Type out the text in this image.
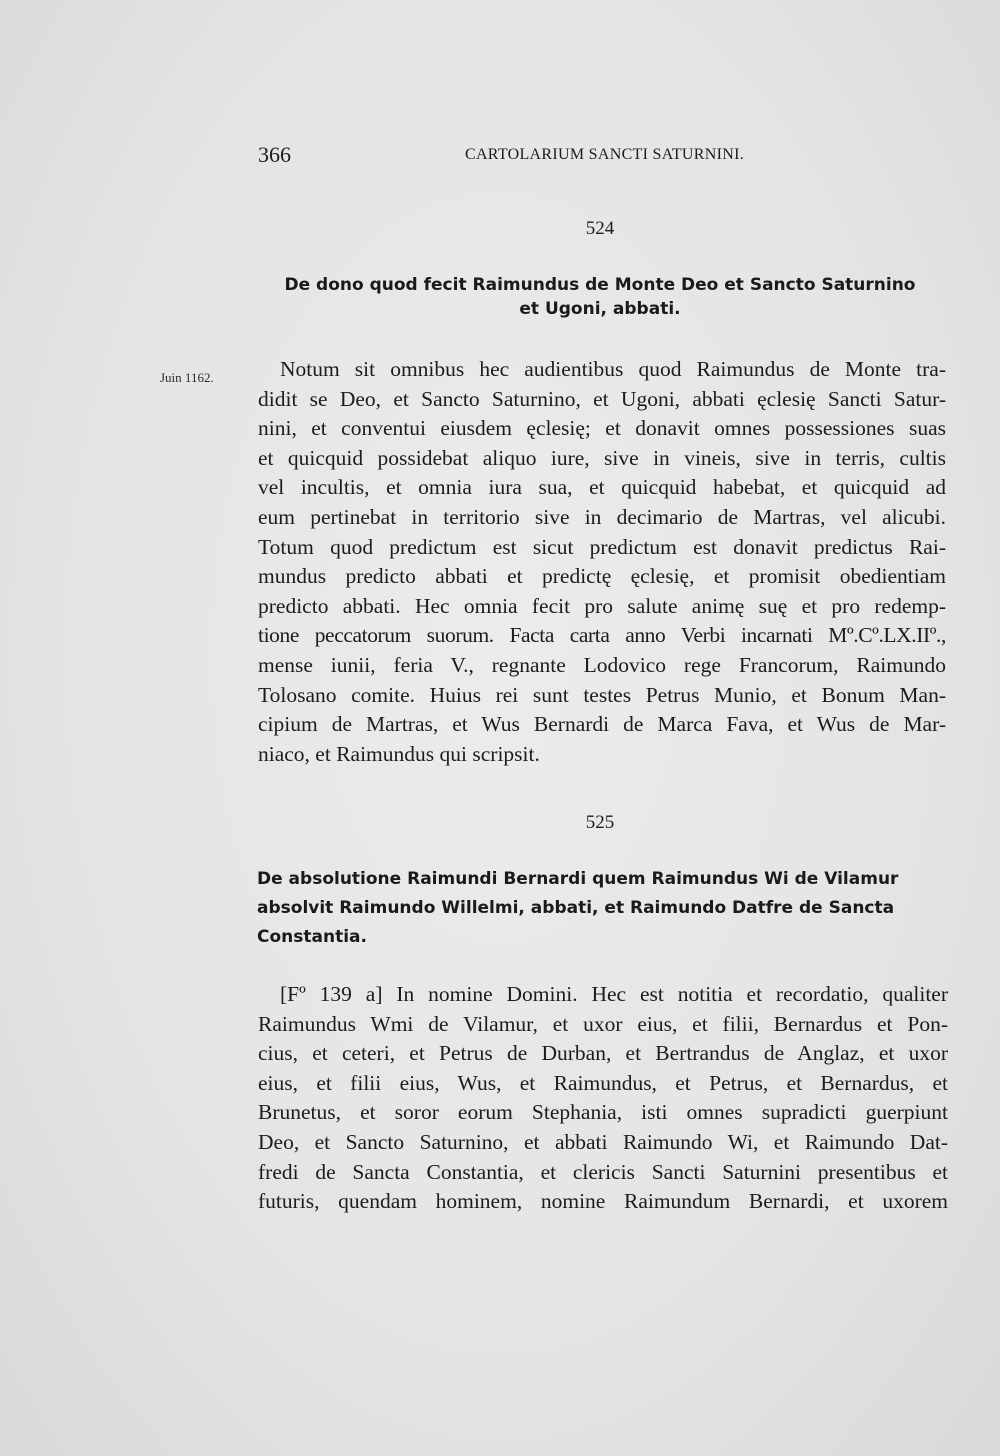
366	CARTOLARIUM SANCTI SATURNINI.
524
De dono quod fecit Raimundus de Monte Deo et Sancto Saturnino
et Ugoni, abbati.
Juin 1162.	Notum sit omnibus hec audientibus quod Raimundus de Monte tra-
didit se Deo, et Sancto Saturnino, et Ugoni, abbati ęclesię Sancti Satur-
nini, et conventui eiusdem ęclesię; et donavit omnes possessiones suas
et quicquid possidebat aliquo iure, sive in vineis, sive in terris, cultis
vel incultis, et omnia iura sua, et quicquid habebat, et quicquid ad
eum pertinebat in territorio sive in decimario de Martras, vel alicubi.
Totum quod predictum est sicut predictum est donavit predictus Rai-
mundus predicto abbati et predictę ęclesię, et promisit obedientiam
predicto abbati. Hec omnia fecit pro salute animę suę et pro redemp-
tione peccatorum suorum. Facta carta anno Verbi incarnati Mº.Cº.LX.IIº.,
mense iunii, feria V., regnante Lodovico rege Francorum, Raimundo
Tolosano comite. Huius rei sunt testes Petrus Munio, et Bonum Man-
cipium de Martras, et Wus Bernardi de Marca Fava, et Wus de Mar-
niaco, et Raimundus qui scripsit.
525
De absolutione Raimundi Bernardi quem Raimundus Wi de Vilamur
absolvit Raimundo Willelmi, abbati, et Raimundo Datfre de Sancta
Constantia.
[Fº 139 a] In nomine Domini. Hec est notitia et recordatio, qualiter
Raimundus Wmi de Vilamur, et uxor eius, et filii, Bernardus et Pon-
cius, et ceteri, et Petrus de Durban, et Bertrandus de Anglaz, et uxor
eius, et filii eius, Wus, et Raimundus, et Petrus, et Bernardus, et
Brunetus, et soror eorum Stephania, isti omnes supradicti guerpiunt
Deo, et Sancto Saturnino, et abbati Raimundo Wi, et Raimundo Dat-
fredi de Sancta Constantia, et clericis Sancti Saturnini presentibus et
futuris, quendam hominem, nomine Raimundum Bernardi, et uxorem
